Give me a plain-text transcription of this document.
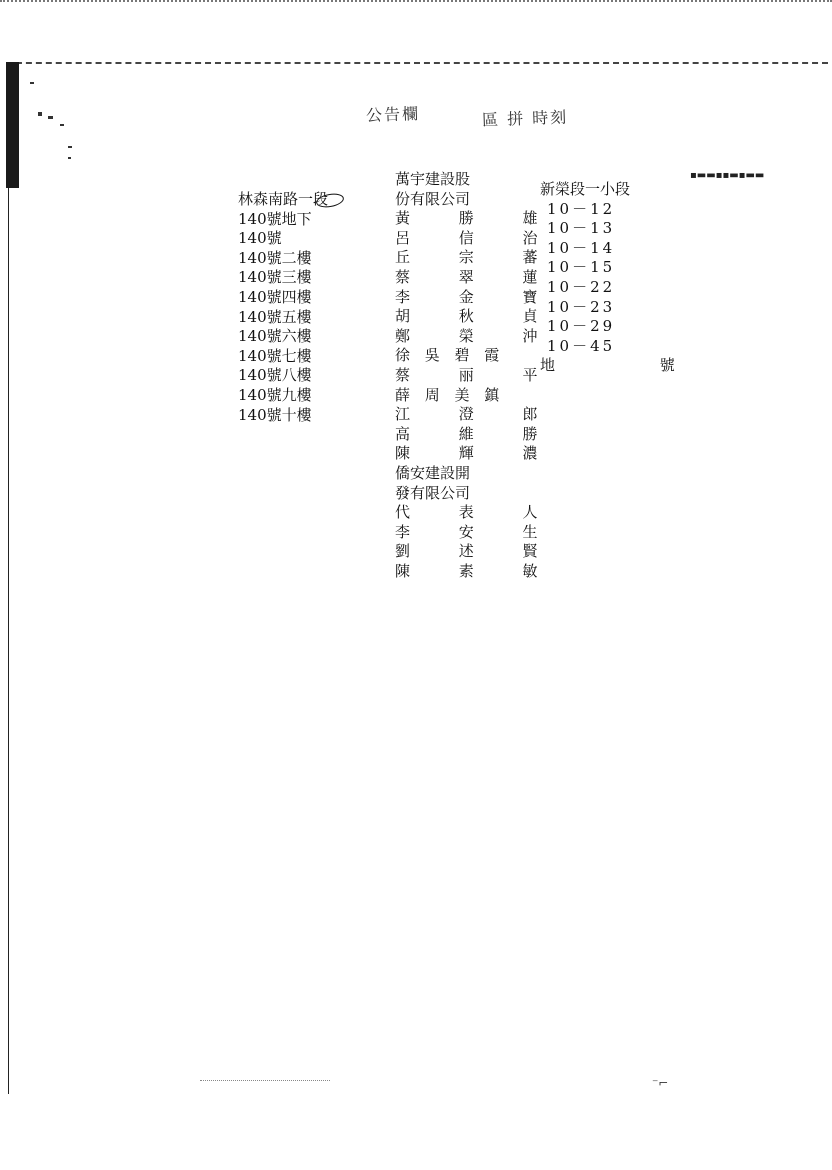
公告欄	區 拼 時刻
▪▬▬▪▪▬▪▬▬
林森南路一段
140號地下
140號
140號二樓
140號三樓
140號四樓
140號五樓
140號六樓
140號七樓
140號八樓
140號九樓
140號十樓
萬宇建設股
份有限公司
黃 勝 雄
呂 信 治
丘 宗 蕃
蔡 翠 蓮
李 金 寶
胡 秋 貞
鄭 榮 沖
徐 吳 碧 霞
蔡 丽 平
薛 周 美 鎮
江 澄 郎
高 維 勝
陳 輝 濃
僑安建設開
發有限公司
代 表 人
李 安 生
劉 述 賢
陳 素 敏
新榮段一小段
10－12
10－13
10－14
10－15
10－22
10－23
10－29
10－45
地 號
⁻⌐
